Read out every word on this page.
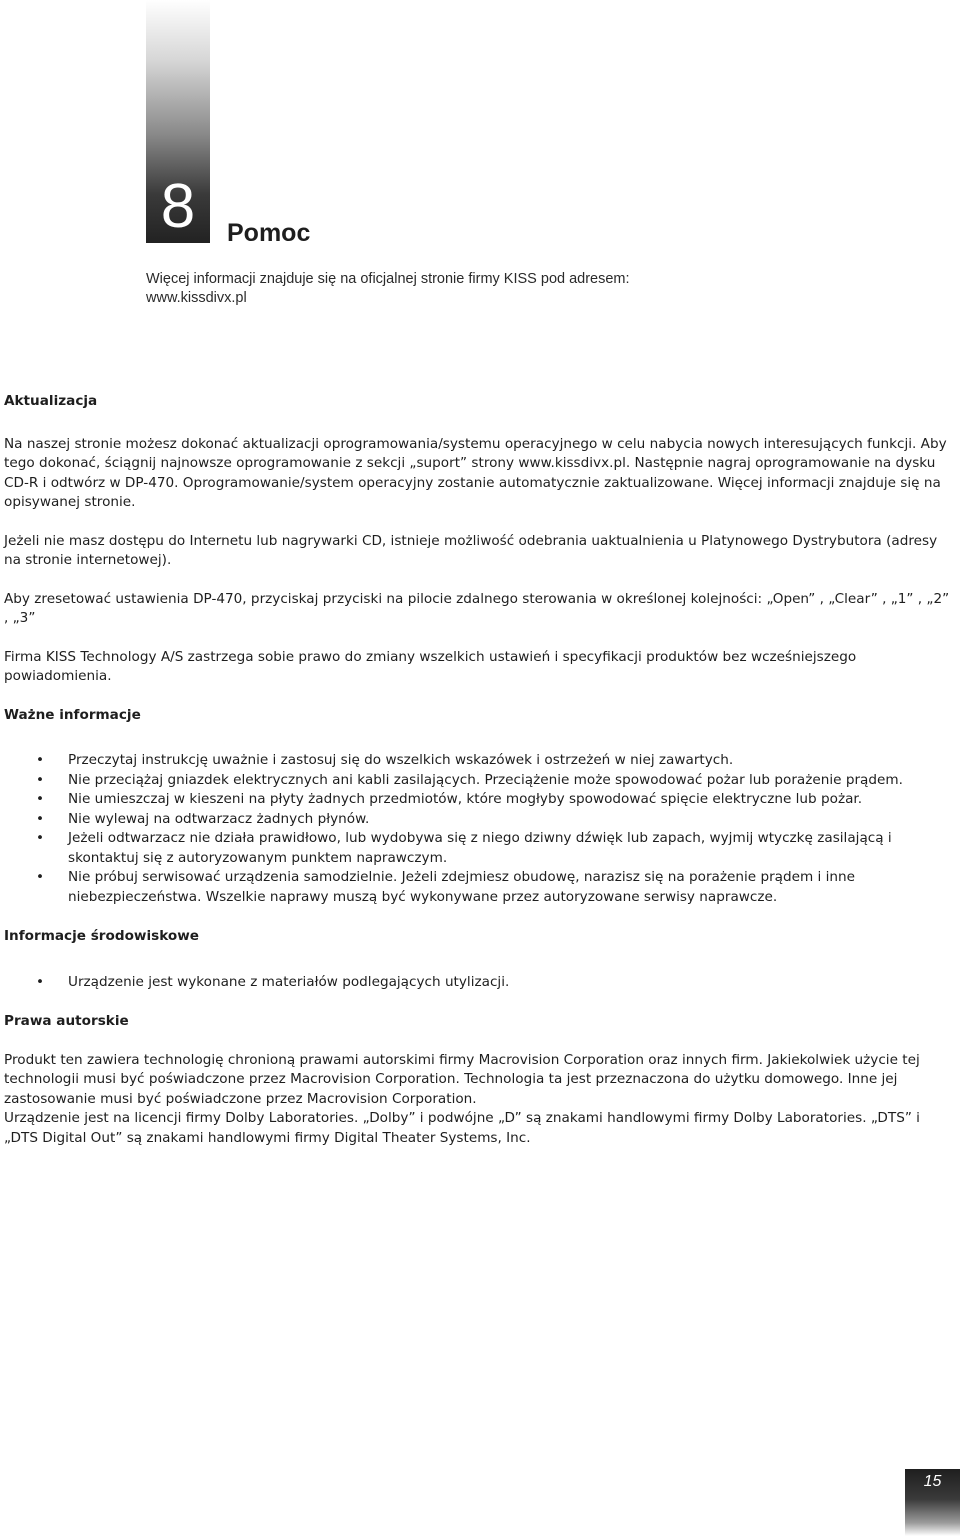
8	Pomoc
Więcej informacji znajduje się na oficjalnej stronie firmy KISS pod adresem:
www.kissdivx.pl

Aktualizacja

Na naszej stronie możesz dokonać aktualizacji oprogramowania/systemu operacyjnego w celu nabycia nowych interesujących funkcji. Aby tego dokonać, ściągnij najnowsze oprogramowanie z sekcji „suport” strony www.kissdivx.pl. Następnie nagraj oprogramowanie na dysku CD-R i odtwórz w DP-470. Oprogramowanie/system operacyjny zostanie automatycznie zaktualizowane. Więcej informacji znajduje się na opisywanej stronie.

Jeżeli nie masz dostępu do Internetu lub nagrywarki CD, istnieje możliwość odebrania uaktualnienia u Platynowego Dystrybutora (adresy na stronie internetowej).

Aby zresetować ustawienia DP-470, przyciskaj przyciski na pilocie zdalnego sterowania w określonej kolejności: „Open” , „Clear” , „1” , „2” , „3”

Firma KISS Technology A/S zastrzega sobie prawo do zmiany wszelkich ustawień i specyfikacji produktów bez wcześniejszego powiadomienia.

Ważne informacje

• Przeczytaj instrukcję uważnie i zastosuj się do wszelkich wskazówek i ostrzeżeń w niej zawartych.
• Nie przeciążaj gniazdek elektrycznych ani kabli zasilających. Przeciążenie może spowodować pożar lub porażenie prądem.
• Nie umieszczaj w kieszeni na płyty żadnych przedmiotów, które mogłyby spowodować spięcie elektryczne lub pożar.
• Nie wylewaj na odtwarzacz żadnych płynów.
• Jeżeli odtwarzacz nie działa prawidłowo, lub wydobywa się z niego dziwny dźwięk lub zapach, wyjmij wtyczkę zasilającą i skontaktuj się z autoryzowanym punktem naprawczym.
• Nie próbuj serwisować urządzenia samodzielnie. Jeżeli zdejmiesz obudowę, narazisz się na porażenie prądem i inne niebezpieczeństwa. Wszelkie naprawy muszą być wykonywane przez autoryzowane serwisy naprawcze.

Informacje środowiskowe

• Urządzenie jest wykonane z materiałów podlegających utylizacji.

Prawa autorskie

Produkt ten zawiera technologię chronioną prawami autorskimi firmy Macrovision Corporation oraz innych firm. Jakiekolwiek użycie tej technologii musi być poświadczone przez Macrovision Corporation. Technologia ta jest przeznaczona do użytku domowego. Inne jej zastosowanie musi być poświadczone przez Macrovision Corporation.

Urządzenie jest na licencji firmy Dolby Laboratories. „Dolby” i podwójne „D” są znakami handlowymi firmy Dolby Laboratories. „DTS” i „DTS Digital Out” są znakami handlowymi firmy Digital Theater Systems, Inc.

15
